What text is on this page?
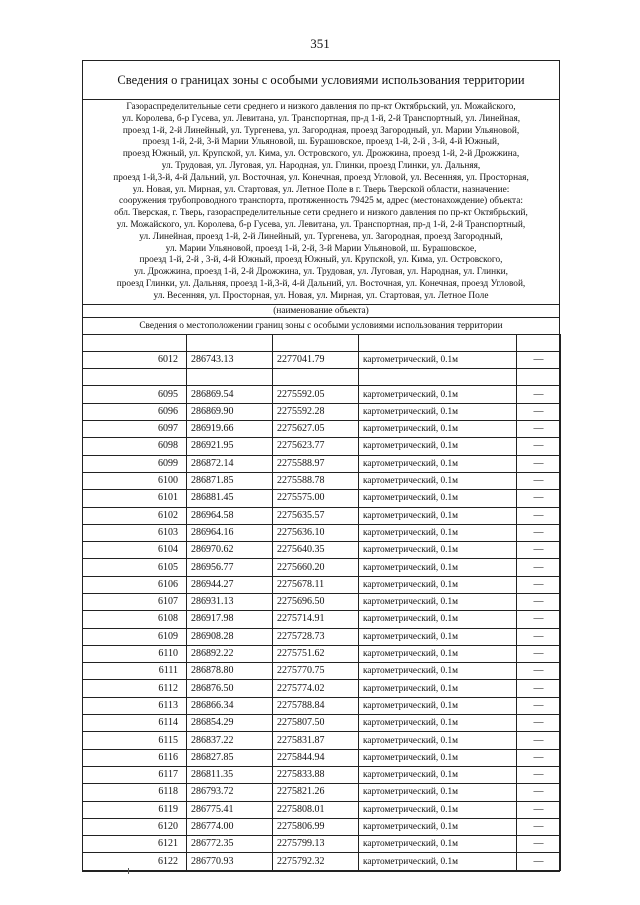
351
Сведения о границах зоны с особыми условиями использования территории
Газораспределительные сети среднего и низкого давления по пр-кт Октябрьский, ул. Можайского,
ул. Королева, б-р Гусева, ул. Левитана, ул. Транспортная, пр-д 1-й, 2-й Транспортный, ул. Линейная,
проезд 1-й, 2-й Линейный, ул. Тургенева, ул. Загородная, проезд Загородный, ул. Марии Ульяновой,
проезд 1-й, 2-й, 3-й Марии Ульяновой, ш. Бурашовское, проезд 1-й, 2-й , 3-й, 4-й Южный,
проезд Южный, ул. Крупской, ул. Кима, ул. Островского, ул. Дрожжина, проезд 1-й, 2-й Дрожжина,
ул. Трудовая, ул. Луговая, ул. Народная, ул. Глинки, проезд Глинки, ул. Дальняя,
проезд 1-й,3-й, 4-й Дальний, ул. Восточная, ул. Конечная, проезд Угловой, ул. Весенняя, ул. Просторная,
ул. Новая, ул. Мирная, ул. Стартовая, ул. Летное Поле в г. Тверь Тверской области, назначение:
сооружения трубопроводного транспорта, протяженность 79425 м, адрес (местонахождение) объекта:
обл. Тверская, г. Тверь, газораспределительные сети среднего и низкого давления по пр-кт Октябрьский,
ул. Можайского, ул. Королева, б-р Гусева, ул. Левитана, ул. Транспортная, пр-д 1-й, 2-й Транспортный,
ул. Линейная, проезд 1-й, 2-й Линейный, ул. Тургенева, ул. Загородная, проезд Загородный,
ул. Марии Ульяновой, проезд 1-й, 2-й, 3-й Марии Ульяновой, ш. Бурашовское,
проезд 1-й, 2-й , 3-й, 4-й Южный, проезд Южный, ул. Крупской, ул. Кима, ул. Островского,
ул. Дрожжина, проезд 1-й, 2-й Дрожжина, ул. Трудовая, ул. Луговая, ул. Народная, ул. Глинки,
проезд Глинки, ул. Дальняя, проезд 1-й,3-й, 4-й Дальний, ул. Восточная, ул. Конечная, проезд Угловой,
ул. Весенняя, ул. Просторная, ул. Новая, ул. Мирная, ул. Стартовая, ул. Летное Поле
(наименование объекта)
Сведения о местоположении границ зоны с особыми условиями использования территории

6012	286743.13	2277041.79	картометрический, 0.1м	—

6095	286869.54	2275592.05	картометрический, 0.1м	—
6096	286869.90	2275592.28	картометрический, 0.1м	—
6097	286919.66	2275627.05	картометрический, 0.1м	—
6098	286921.95	2275623.77	картометрический, 0.1м	—
6099	286872.14	2275588.97	картометрический, 0.1м	—
6100	286871.85	2275588.78	картометрический, 0.1м	—
6101	286881.45	2275575.00	картометрический, 0.1м	—
6102	286964.58	2275635.57	картометрический, 0.1м	—
6103	286964.16	2275636.10	картометрический, 0.1м	—
6104	286970.62	2275640.35	картометрический, 0.1м	—
6105	286956.77	2275660.20	картометрический, 0.1м	—
6106	286944.27	2275678.11	картометрический, 0.1м	—
6107	286931.13	2275696.50	картометрический, 0.1м	—
6108	286917.98	2275714.91	картометрический, 0.1м	—
6109	286908.28	2275728.73	картометрический, 0.1м	—
6110	286892.22	2275751.62	картометрический, 0.1м	—
6111	286878.80	2275770.75	картометрический, 0.1м	—
6112	286876.50	2275774.02	картометрический, 0.1м	—
6113	286866.34	2275788.84	картометрический, 0.1м	—
6114	286854.29	2275807.50	картометрический, 0.1м	—
6115	286837.22	2275831.87	картометрический, 0.1м	—
6116	286827.85	2275844.94	картометрический, 0.1м	—
6117	286811.35	2275833.88	картометрический, 0.1м	—
6118	286793.72	2275821.26	картометрический, 0.1м	—
6119	286775.41	2275808.01	картометрический, 0.1м	—
6120	286774.00	2275806.99	картометрический, 0.1м	—
6121	286772.35	2275799.13	картометрический, 0.1м	—
6122	286770.93	2275792.32	картометрический, 0.1м	—
